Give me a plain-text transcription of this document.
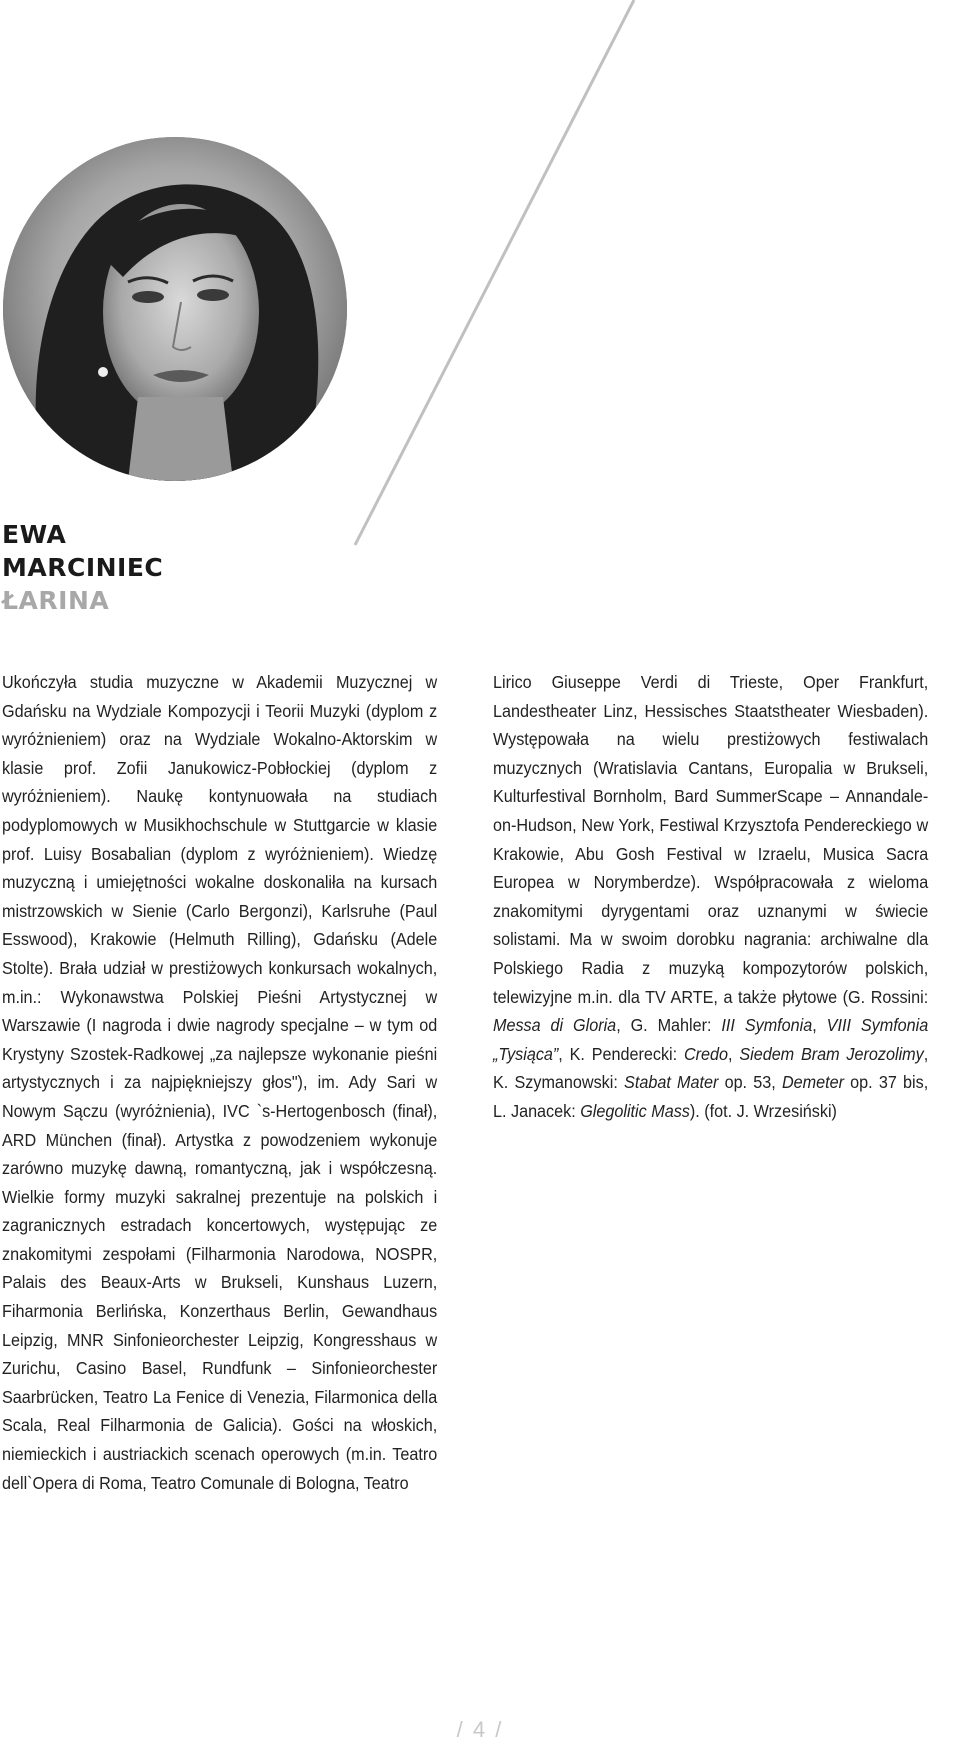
EWA
MARCINIEC
ŁARINA

Ukończyła studia muzyczne w Akademii Muzycznej w Gdańsku na Wydziale Kompozycji i Teorii Muzyki (dyplom z wyróżnieniem) oraz na Wydziale Wokalno-Aktorskim w klasie prof. Zofii Janukowicz-Pobłockiej (dyplom z wyróżnieniem). Naukę kontynuowała na studiach podyplomowych w Musikhochschule w Stuttgarcie w klasie prof. Luisy Bosabalian (dyplom z wyróżnieniem). Wiedzę muzyczną i umiejętności wokalne doskonaliła na kursach mistrzowskich w Sienie (Carlo Bergonzi), Karlsruhe (Paul Esswood), Krakowie (Helmuth Rilling), Gdańsku (Adele Stolte). Brała udział w prestiżowych konkursach wokalnych, m.in.: Wykonawstwa Polskiej Pieśni Artystycznej w Warszawie (I nagroda i dwie nagrody specjalne – w tym od Krystyny Szostek-Radkowej „za najlepsze wykonanie pieśni artystycznych i za najpiękniejszy głos"), im. Ady Sari w Nowym Sączu (wyróżnienia), IVC `s-Hertogenbosch (finał), ARD München (finał). Artystka z powodzeniem wykonuje zarówno muzykę dawną, romantyczną, jak i współczesną. Wielkie formy muzyki sakralnej prezentuje na polskich i zagranicznych estradach koncertowych, występując ze znakomitymi zespołami (Filharmonia Narodowa, NOSPR, Palais des Beaux-Arts w Brukseli, Kunshaus Luzern, Fiharmonia Berlińska, Konzerthaus Berlin, Gewandhaus Leipzig, MNR Sinfonieorchester Leipzig, Kongresshaus w Zurichu, Casino Basel, Rundfunk – Sinfonieorchester Saarbrücken, Teatro La Fenice di Venezia, Filarmonica della Scala, Real Filharmonia de Galicia). Gości na włoskich, niemieckich i austriackich scenach operowych (m.in. Teatro dell`Opera di Roma, Teatro Comunale di Bologna, Teatro

Lirico Giuseppe Verdi di Trieste, Oper Frankfurt, Landestheater Linz, Hessisches Staatstheater Wiesbaden). Występowała na wielu prestiżowych festiwalach muzycznych (Wratislavia Cantans, Europalia w Brukseli, Kulturfestival Bornholm, Bard SummerScape – Annandale-on-Hudson, New York, Festiwal Krzysztofa Pendereckiego w Krakowie, Abu Gosh Festival w Izraelu, Musica Sacra Europea w Norymberdze). Współpracowała z wieloma znakomitymi dyrygentami oraz uznanymi w świecie solistami. Ma w swoim dorobku nagrania: archiwalne dla Polskiego Radia z muzyką kompozytorów polskich, telewizyjne m.in. dla TV ARTE, a także płytowe (G. Rossini: Messa di Gloria, G. Mahler: III Symfonia, VIII Symfonia „Tysiąca”, K. Penderecki: Credo, Siedem Bram Jerozolimy, K. Szymanowski: Stabat Mater op. 53, Demeter op. 37 bis, L. Janacek: Glegolitic Mass). (fot. J. Wrzesiński)

/ 4 /
